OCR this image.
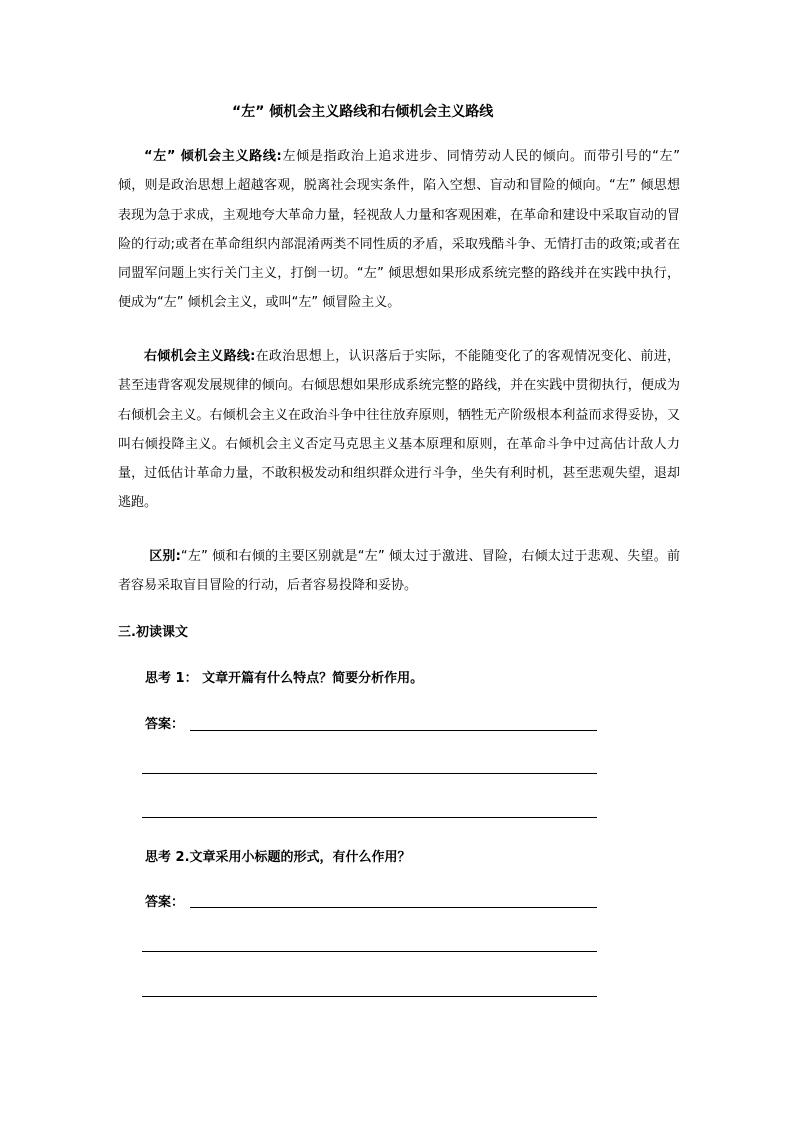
“左” 倾机会主义路线和右倾机会主义路线

“左” 倾机会主义路线:左倾是指政治上追求进步、同情劳动人民的倾向。而带引号的“左” 倾，则是政治思想上超越客观，脱离社会现实条件，陷入空想、盲动和冒险的倾向。“左” 倾思想表现为急于求成，主观地夸大革命力量，轻视敌人力量和客观困难，在革命和建设中采取盲动的冒险的行动;或者在革命组织内部混淆两类不同性质的矛盾，采取残酷斗争、无情打击的政策;或者在同盟军问题上实行关门主义，打倒一切。“左” 倾思想如果形成系统完整的路线并在实践中执行，便成为“左” 倾机会主义，或叫“左” 倾冒险主义。

右倾机会主义路线:在政治思想上，认识落后于实际，不能随变化了的客观情况变化、前进，甚至违背客观发展规律的倾向。右倾思想如果形成系统完整的路线，并在实践中贯彻执行，便成为右倾机会主义。右倾机会主义在政治斗争中往往放弃原则，牺牲无产阶级根本利益而求得妥协，又叫右倾投降主义。右倾机会主义否定马克思主义基本原理和原则，在革命斗争中过高估计敌人力量，过低估计革命力量，不敢积极发动和组织群众进行斗争，坐失有利时机，甚至悲观失望，退却逃跑。

区别:“左” 倾和右倾的主要区别就是“左” 倾太过于激进、冒险，右倾太过于悲观、失望。前者容易采取盲目冒险的行动，后者容易投降和妥协。

三.初读课文
思考 1： 文章开篇有什么特点？简要分析作用。
答案：
思考 2.文章采用小标题的形式，有什么作用？
答案：
